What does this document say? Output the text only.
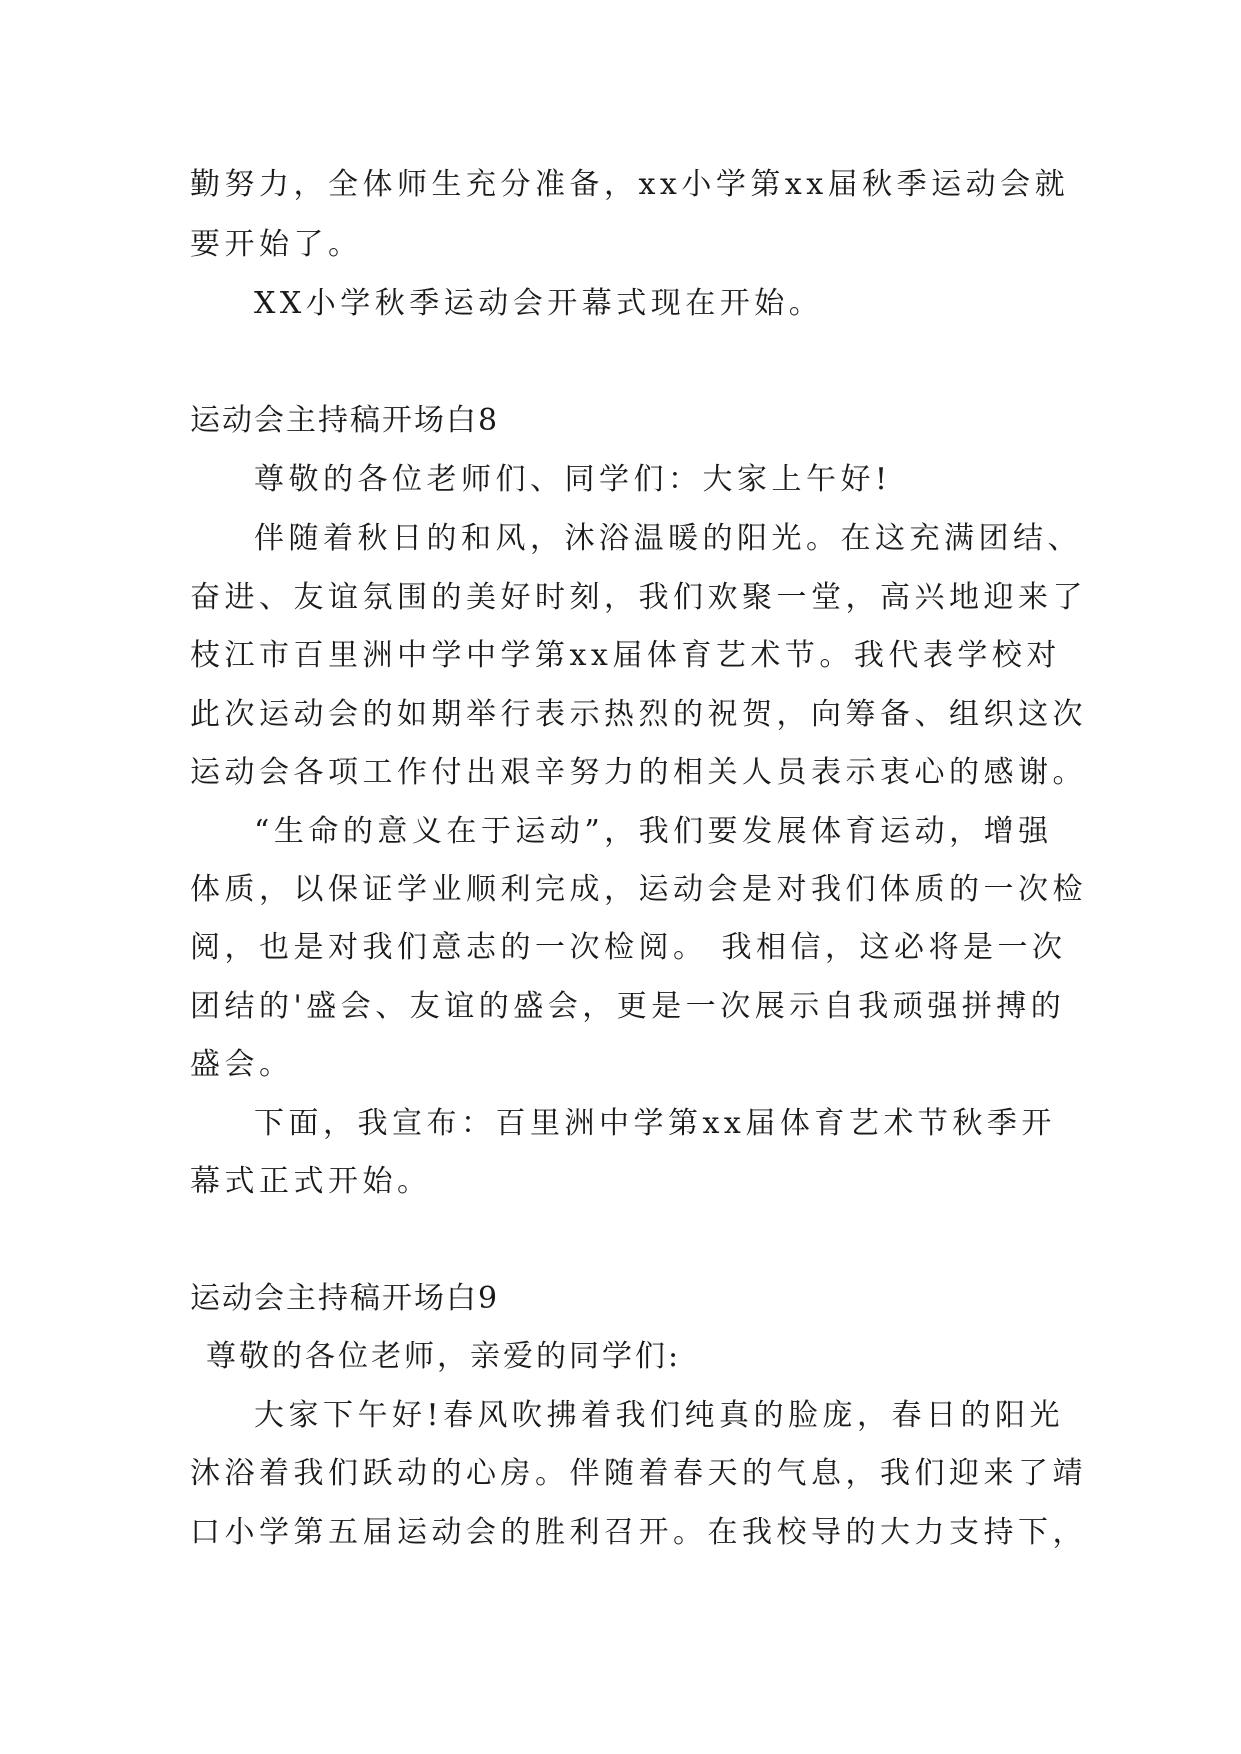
勤努力，全体师生充分准备，xx小学第xx届秋季运动会就
要开始了。
XX小学秋季运动会开幕式现在开始。
运动会主持稿开场白8
尊敬的各位老师们、同学们：大家上午好!
伴随着秋日的和风，沐浴温暖的阳光。在这充满团结、
奋进、友谊氛围的美好时刻，我们欢聚一堂，高兴地迎来了
枝江市百里洲中学中学第xx届体育艺术节。我代表学校对
此次运动会的如期举行表示热烈的祝贺，向筹备、组织这次
运动会各项工作付出艰辛努力的相关人员表示衷心的感谢。
“生命的意义在于运动”，我们要发展体育运动，增强
体质，以保证学业顺利完成，运动会是对我们体质的一次检
阅，也是对我们意志的一次检阅。 我相信，这必将是一次
团结的'盛会、友谊的盛会，更是一次展示自我顽强拼搏的
盛会。
下面，我宣布：百里洲中学第xx届体育艺术节秋季开
幕式正式开始。
运动会主持稿开场白9
尊敬的各位老师，亲爱的同学们:
大家下午好!春风吹拂着我们纯真的脸庞，春日的阳光
沐浴着我们跃动的心房。伴随着春天的气息，我们迎来了靖
口小学第五届运动会的胜利召开。在我校导的大力支持下，
